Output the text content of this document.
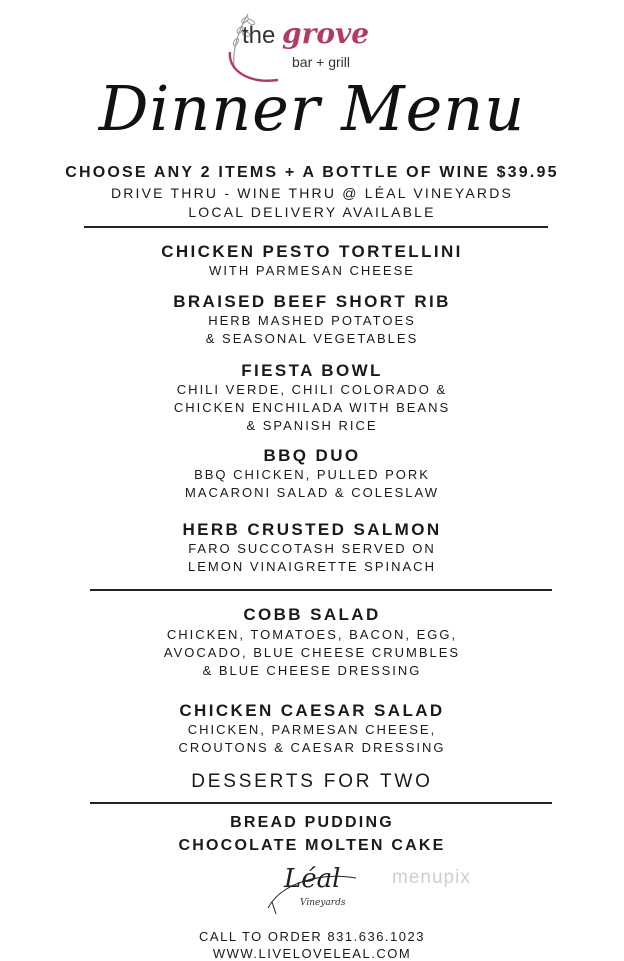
the grove
bar + grill
Dinner Menu
CHOOSE ANY 2 ITEMS + A BOTTLE OF WINE $39.95
DRIVE THRU - WINE THRU @ LÉAL VINEYARDS
LOCAL DELIVERY AVAILABLE
CHICKEN PESTO TORTELLINI
WITH PARMESAN CHEESE
BRAISED BEEF SHORT RIB
HERB MASHED POTATOES
& SEASONAL VEGETABLES
FIESTA BOWL
CHILI VERDE, CHILI COLORADO &
CHICKEN ENCHILADA WITH BEANS
& SPANISH RICE
BBQ DUO
BBQ CHICKEN, PULLED PORK
MACARONI SALAD & COLESLAW
HERB CRUSTED SALMON
FARO SUCCOTASH SERVED ON
LEMON VINAIGRETTE SPINACH
COBB SALAD
CHICKEN, TOMATOES, BACON, EGG,
AVOCADO, BLUE CHEESE CRUMBLES
& BLUE CHEESE DRESSING
CHICKEN CAESAR SALAD
CHICKEN, PARMESAN CHEESE,
CROUTONS & CAESAR DRESSING
DESSERTS FOR TWO
BREAD PUDDING
CHOCOLATE MOLTEN CAKE
Léal
Vineyards
menupix
CALL TO ORDER 831.636.1023
WWW.LIVELOVELEAL.COM
